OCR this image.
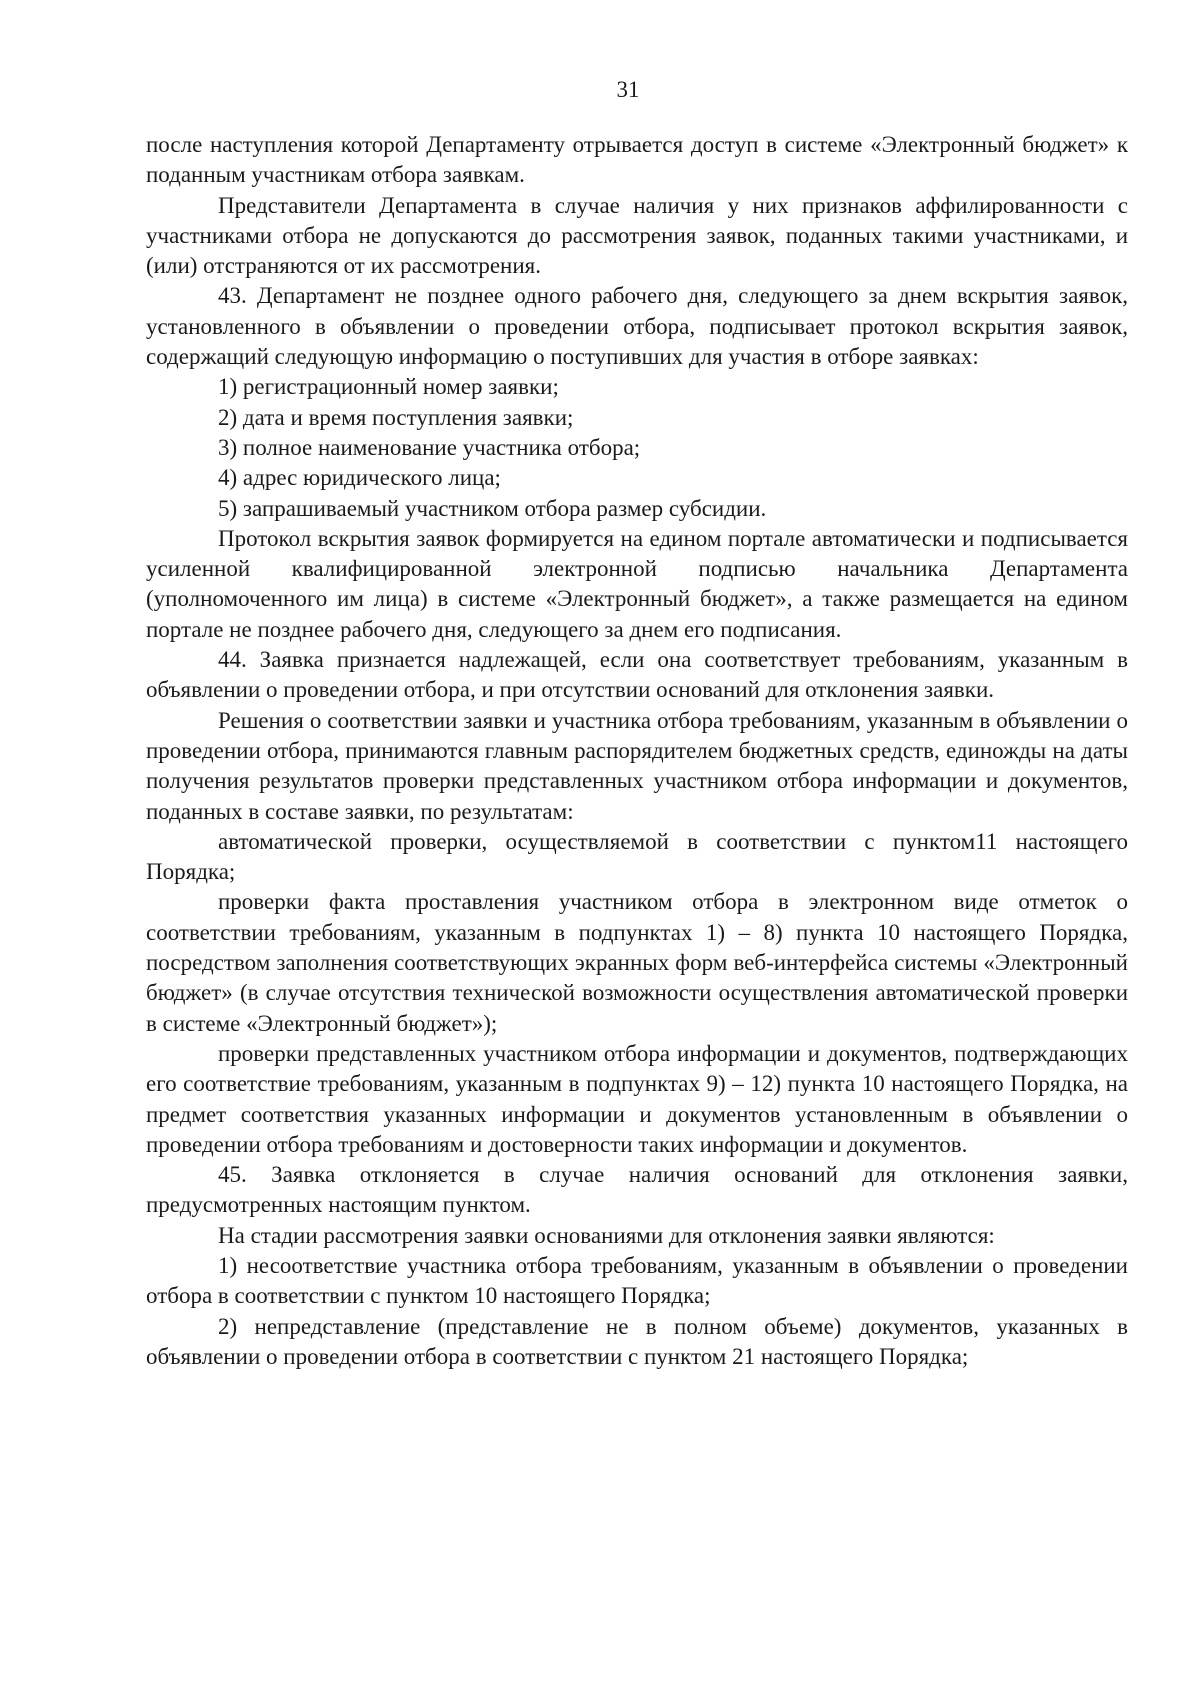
31

после наступления которой Департаменту отрывается доступ в системе «Электронный бюджет» к поданным участникам отбора заявкам.

Представители Департамента в случае наличия у них признаков аффилированности с участниками отбора не допускаются до рассмотрения заявок, поданных такими участниками, и (или) отстраняются от их рассмотрения.

43. Департамент не позднее одного рабочего дня, следующего за днем вскрытия заявок, установленного в объявлении о проведении отбора, подписывает протокол вскрытия заявок, содержащий следующую информацию о поступивших для участия в отборе заявках:

1) регистрационный номер заявки;

2) дата и время поступления заявки;

3) полное наименование участника отбора;

4) адрес юридического лица;

5) запрашиваемый участником отбора размер субсидии.

Протокол вскрытия заявок формируется на едином портале автоматически и подписывается усиленной квалифицированной электронной подписью начальника Департамента (уполномоченного им лица) в системе «Электронный бюджет», а также размещается на едином портале не позднее рабочего дня, следующего за днем его подписания.

44. Заявка признается надлежащей, если она соответствует требованиям, указанным в объявлении о проведении отбора, и при отсутствии оснований для отклонения заявки.

Решения о соответствии заявки и участника отбора требованиям, указанным в объявлении о проведении отбора, принимаются главным распорядителем бюджетных средств, единожды на даты получения результатов проверки представленных участником отбора информации и документов, поданных в составе заявки, по результатам:

автоматической проверки, осуществляемой в соответствии с пунктом11 настоящего Порядка;

проверки факта проставления участником отбора в электронном виде отметок о соответствии требованиям, указанным в подпунктах 1) – 8) пункта 10 настоящего Порядка, посредством заполнения соответствующих экранных форм веб-интерфейса системы «Электронный бюджет» (в случае отсутствия технической возможности осуществления автоматической проверки в системе «Электронный бюджет»);

проверки представленных участником отбора информации и документов, подтверждающих его соответствие требованиям, указанным в подпунктах 9) – 12) пункта 10 настоящего Порядка, на предмет соответствия указанных информации и документов установленным в объявлении о проведении отбора требованиям и достоверности таких информации и документов.

45. Заявка отклоняется в случае наличия оснований для отклонения заявки, предусмотренных настоящим пунктом.

На стадии рассмотрения заявки основаниями для отклонения заявки являются:

1) несоответствие участника отбора требованиям, указанным в объявлении о проведении отбора в соответствии с пунктом 10 настоящего Порядка;

2) непредставление (представление не в полном объеме) документов, указанных в объявлении о проведении отбора в соответствии с пунктом 21 настоящего Порядка;
